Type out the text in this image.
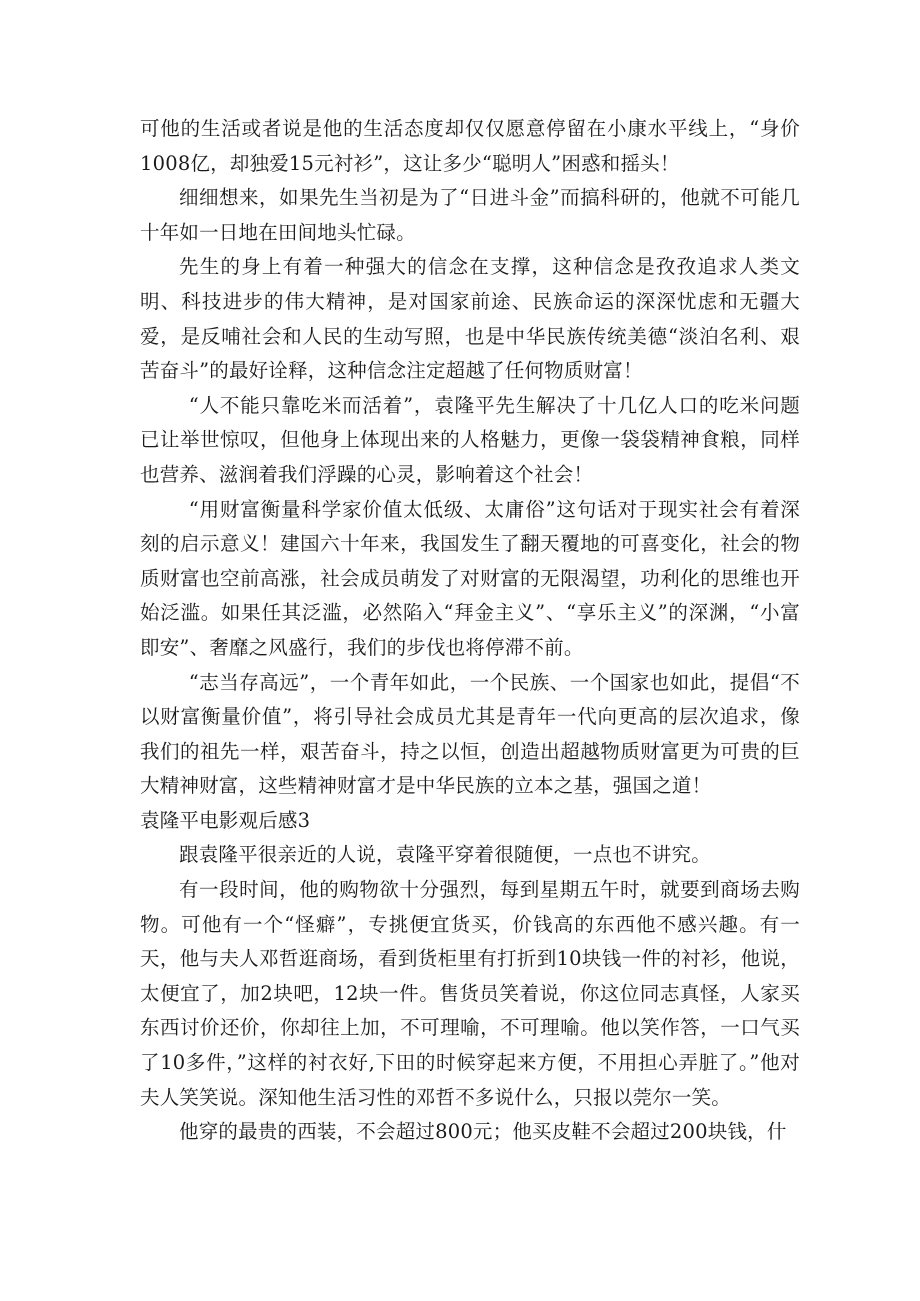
可他的生活或者说是他的生活态度却仅仅愿意停留在小康水平线上，“身价1008亿，却独爱15元衬衫”，这让多少“聪明人”困惑和摇头！

细细想来，如果先生当初是为了“日进斗金”而搞科研的，他就不可能几十年如一日地在田间地头忙碌。

先生的身上有着一种强大的信念在支撑，这种信念是孜孜追求人类文明、科技进步的伟大精神，是对国家前途、民族命运的深深忧虑和无疆大爱，是反哺社会和人民的生动写照，也是中华民族传统美德“淡泊名利、艰苦奋斗”的最好诠释，这种信念注定超越了任何物质财富！

“人不能只靠吃米而活着”，袁隆平先生解决了十几亿人口的吃米问题已让举世惊叹，但他身上体现出来的人格魅力，更像一袋袋精神食粮，同样也营养、滋润着我们浮躁的心灵，影响着这个社会！

“用财富衡量科学家价值太低级、太庸俗”这句话对于现实社会有着深刻的启示意义！建国六十年来，我国发生了翻天覆地的可喜变化，社会的物质财富也空前高涨，社会成员萌发了对财富的无限渴望，功利化的思维也开始泛滥。如果任其泛滥，必然陷入“拜金主义”、“享乐主义”的深渊，“小富即安”、奢靡之风盛行，我们的步伐也将停滞不前。

“志当存高远”，一个青年如此，一个民族、一个国家也如此，提倡“不以财富衡量价值”，将引导社会成员尤其是青年一代向更高的层次追求，像我们的祖先一样，艰苦奋斗，持之以恒，创造出超越物质财富更为可贵的巨大精神财富，这些精神财富才是中华民族的立本之基，强国之道！

袁隆平电影观后感3

跟袁隆平很亲近的人说，袁隆平穿着很随便，一点也不讲究。

有一段时间，他的购物欲十分强烈，每到星期五午时，就要到商场去购物。可他有一个“怪癖”，专挑便宜货买，价钱高的东西他不感兴趣。有一天，他与夫人邓哲逛商场，看到货柜里有打折到10块钱一件的衬衫，他说，太便宜了，加2块吧，12块一件。售货员笑着说，你这位同志真怪，人家买东西讨价还价，你却往上加，不可理喻，不可理喻。他以笑作答，一口气买了10多件，”这样的衬衣好,下田的时候穿起来方便，不用担心弄脏了。”他对夫人笑笑说。深知他生活习性的邓哲不多说什么，只报以莞尔一笑。

他穿的最贵的西装，不会超过800元；他买皮鞋不会超过200块钱，什
